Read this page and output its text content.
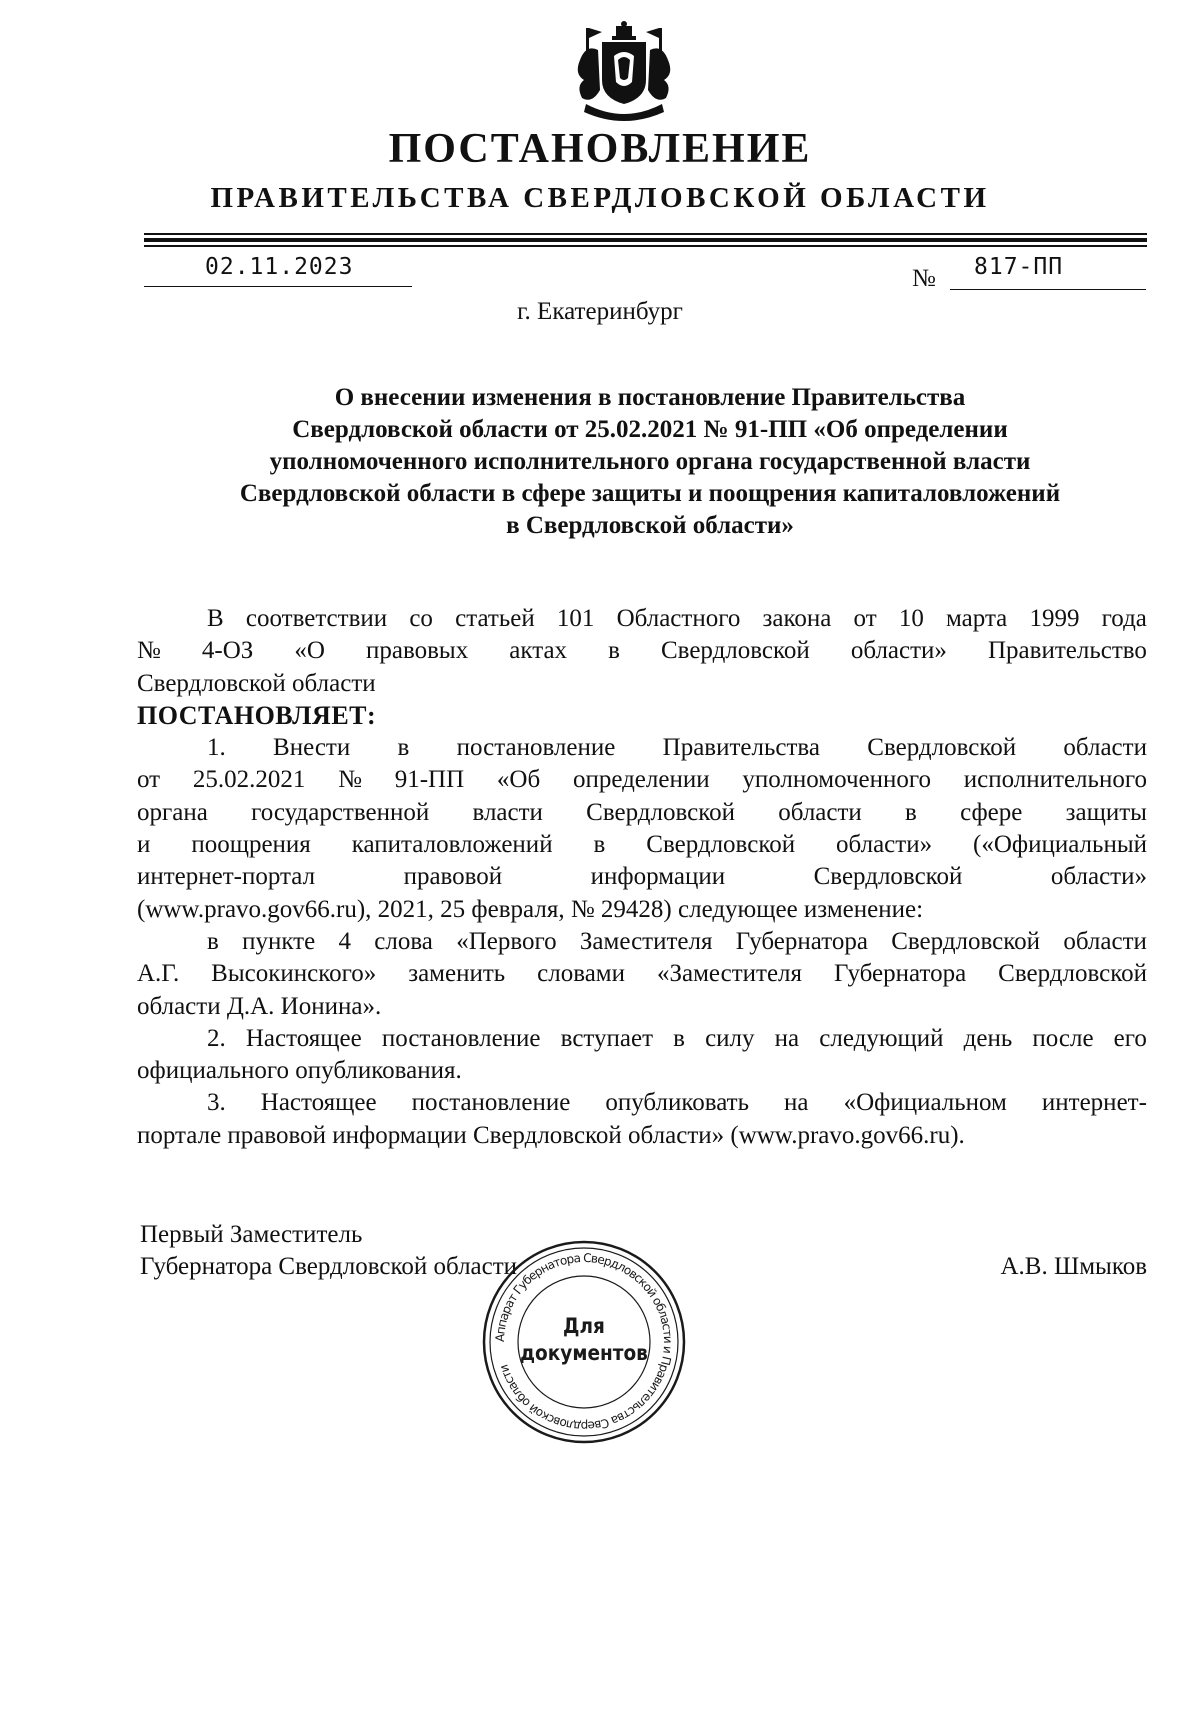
ПОСТАНОВЛЕНИЕ
ПРАВИТЕЛЬСТВА СВЕРДЛОВСКОЙ ОБЛАСТИ
02.11.2023	№ 817-ПП
г. Екатеринбург
О внесении изменения в постановление Правительства
Свердловской области от 25.02.2021 № 91-ПП «Об определении
уполномоченного исполнительного органа государственной власти
Свердловской области в сфере защиты и поощрения капиталовложений
в Свердловской области»
В соответствии со статьей 101 Областного закона от 10 марта 1999 года
№ 4-ОЗ «О правовых актах в Свердловской области» Правительство
Свердловской области
ПОСТАНОВЛЯЕТ:
1. Внести в постановление Правительства Свердловской области
от 25.02.2021 № 91-ПП «Об определении уполномоченного исполнительного
органа государственной власти Свердловской области в сфере защиты
и поощрения капиталовложений в Свердловской области» («Официальный
интернет-портал	правовой	информации	Свердловской	области»
(www.pravo.gov66.ru), 2021, 25 февраля, № 29428) следующее изменение:
в пункте 4 слова «Первого Заместителя Губернатора Свердловской области
А.Г. Высокинского» заменить словами «Заместителя Губернатора Свердловской
области Д.А. Ионина».
2. Настоящее постановление вступает в силу на следующий день после его
официального опубликования.
3. Настоящее постановление опубликовать на «Официальном интернет-
портале правовой информации Свердловской области» (www.pravo.gov66.ru).
Первый Заместитель
Губернатора Свердловской области	А.В. Шмыков
Аппарат Губернатора Свердловской области и Правительства Свердловской области
Для
документов
